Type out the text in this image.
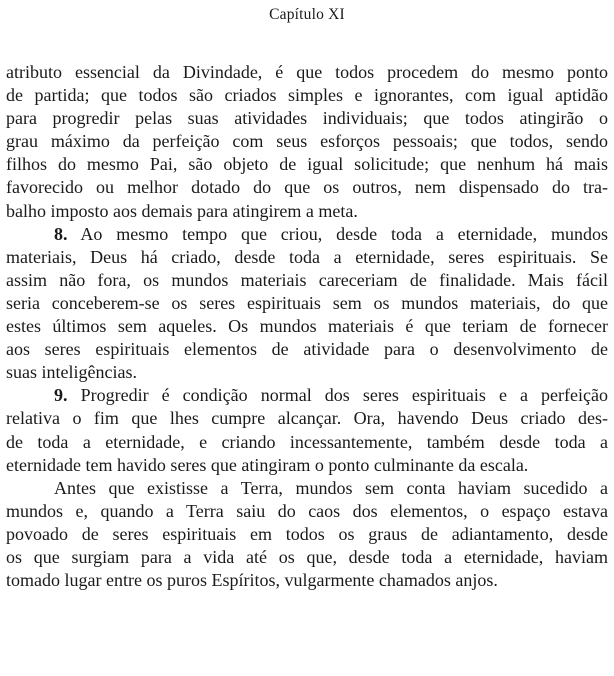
Capítulo XI

atributo essencial da Divindade, é que todos procedem do mesmo ponto
de partida; que todos são criados simples e ignorantes, com igual aptidão
para progredir pelas suas atividades individuais; que todos atingirão o
grau máximo da perfeição com seus esforços pessoais; que todos, sendo
filhos do mesmo Pai, são objeto de igual solicitude; que nenhum há mais
favorecido ou melhor dotado do que os outros, nem dispensado do tra-
balho imposto aos demais para atingirem a meta.

8. Ao mesmo tempo que criou, desde toda a eternidade, mundos
materiais, Deus há criado, desde toda a eternidade, seres espirituais. Se
assim não fora, os mundos materiais careceriam de finalidade. Mais fácil
seria conceberem-se os seres espirituais sem os mundos materiais, do que
estes últimos sem aqueles. Os mundos materiais é que teriam de fornecer
aos seres espirituais elementos de atividade para o desenvolvimento de
suas inteligências.

9. Progredir é condição normal dos seres espirituais e a perfeição
relativa o fim que lhes cumpre alcançar. Ora, havendo Deus criado des-
de toda a eternidade, e criando incessantemente, também desde toda a
eternidade tem havido seres que atingiram o ponto culminante da escala.

Antes que existisse a Terra, mundos sem conta haviam sucedido a
mundos e, quando a Terra saiu do caos dos elementos, o espaço estava
povoado de seres espirituais em todos os graus de adiantamento, desde
os que surgiam para a vida até os que, desde toda a eternidade, haviam
tomado lugar entre os puros Espíritos, vulgarmente chamados anjos.
